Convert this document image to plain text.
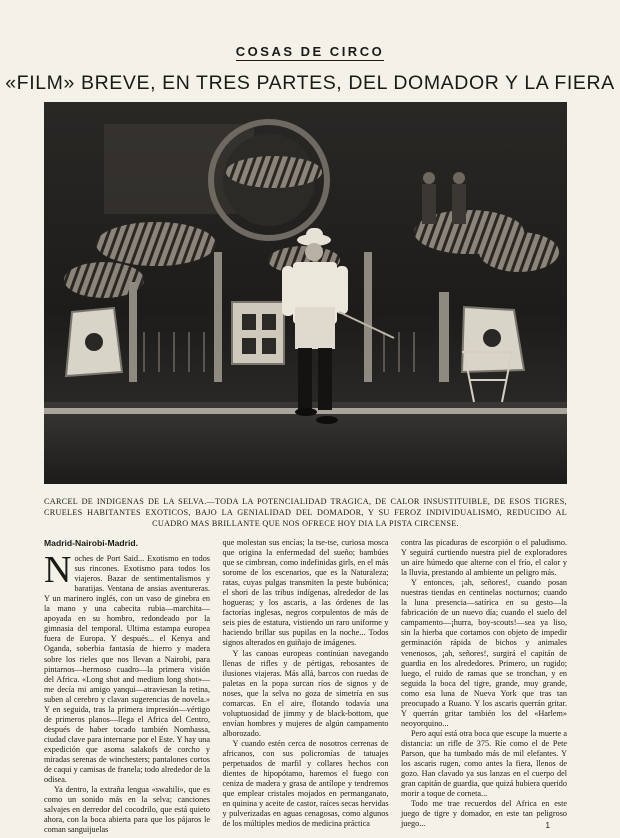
COSAS DE CIRCO
«FILM» BREVE, EN TRES PARTES, DEL DOMADOR Y LA FIERA
CARCEL DE INDIGENAS DE LA SELVA.—TODA LA POTENCIALIDAD TRAGICA, DE CALOR INSUSTITUIBLE, DE ESOS TIGRES, CRUELES HABITANTES EXOTICOS, BAJO LA GENIALIDAD DEL DOMADOR, Y SU FEROZ INDIVIDUALISMO, REDUCIDO AL CUADRO MAS BRILLANTE QUE NOS OFRECE HOY DIA LA PISTA CIRCENSE.
Madrid-Nairobi-Madrid.

Noches de Port Said... Exotismo en todos sus rincones. Exotismo para todos los viajeros. Bazar de sentimentalismos y baratijas. Ventana de ansias aventureras. Y un marinero inglés, con un vaso de ginebra en la mano y una cabecita rubia—marchita—apoyada en su hombro, redondeado por la gimnasia del temporal. Ultima estampa europea fuera de Europa. Y después... el Kenya and Oganda, soberbia fantasía de hierro y madera sobre los rieles que nos llevan a Nairobi, para pintarnos—hermoso cuadro—la primera visión del Africa. «Long shot and medium long shot»—me decía mi amigo yanqui—atraviesan la retina, suben al cerebro y clavan sugerencias de novela.» Y en seguida, tras la primera impresión—vértigo de primeros planos—llega el Africa del Centro, después de haber tocado también Nombassa, ciudad clave para internarse por el Este. Y hay una expedición que asoma salakofs de corcho y miradas serenas de winchesters; pantalones cortos de caqui y camisas de franela; todo alrededor de la odisea.

Ya dentro, la extraña lengua «swahili», que es como un sonido más en la selva; canciones salvajes en derredor del cocodrilo, que está quieto ahora, con la boca abierta para que los pájaros le coman sanguijuelas

que molestan sus encías; la tse-tse, curiosa mosca que origina la enfermedad del sueño; bambúes que se cimbrean, como indefinidas girls, en el más sorome de los escenarios, que es la Naturaleza; ratas, cuyas pulgas transmiten la peste bubónica; el shori de las tribus indígenas, alrededor de las hogueras; y los ascaris, a las órdenes de las factorías inglesas, negros corpulentos de más de seis pies de estatura, vistiendo un raro uniforme y haciendo brillar sus pupilas en la noche... Todos signos alterados en guiñajo de imágenes.

Y las canoas europeas continúan navegando llenas de rifles y de pértigas, rebosantes de ilusiones viajeras. Más allá, barcos con ruedas de paletas en la popa surcan ríos de signos y de noses, que la selva no goza de simetría en sus comarcas. En el aire, flotando todavía una voluptuosidad de jimmy y de black-bottom, que envían hombres y mujeres de algún campamento alborozado.

Y cuando estén cerca de nosotros cerrenas de africanos, con sus policromías de tatuajes perpetuados de marfil y collares hechos con dientes de hipopótamo, haremos el fuego con ceniza de madera y grasa de antílope y tendremos que emplear cristales mojados en permanganato, en quinina y aceite de castor, raíces secas hervidas y pulverizadas en aguas cenagosas, como algunos de los múltiples medios de medicina práctica

contra las picaduras de escorpión o el paludismo. Y seguirá curtiendo nuestra piel de exploradores un aire húmedo que alterne con el frío, el calor y la lluvia, prestando al ambiente un peligro más.

Y entonces, ¡ah, señores!, cuando posan nuestras tiendas en centinelas nocturnos; cuando la luna presencia—satírica en su gesto—la fabricación de un nuevo día; cuando el suelo del campamento—¡hurra, boy-scouts!—sea ya liso, sin la hierba que cortamos con objeto de impedir germinación rápida de bichos y animales venenosos, ¡ah, señores!, surgirá el capitán de guardia en los alrededores. Primero, un rugido; luego, el ruido de ramas que se tronchan, y en seguida la boca del tigre, grande, muy grande, como esa luna de Nueva York que tras tan preocupado a Ruano. Y los ascaris querrán gritar. Y querrán gritar también los del «Harlem» neoyorquino...

Pero aquí está otra boca que escupe la muerte a distancia: un rifle de 375. Ríe como el de Pete Parson, que ha tumbado más de mil elefantes. Y los ascaris rugen, como antes la fiera, llenos de gozo. Han clavado ya sus lanzas en el cuerpo del gran capitán de guardia, que quizá hubiera querido morir a toque de corneta...

Todo me trae recuerdos del Africa en este juego de tigre y domador, en este tan peligroso juego...	1
